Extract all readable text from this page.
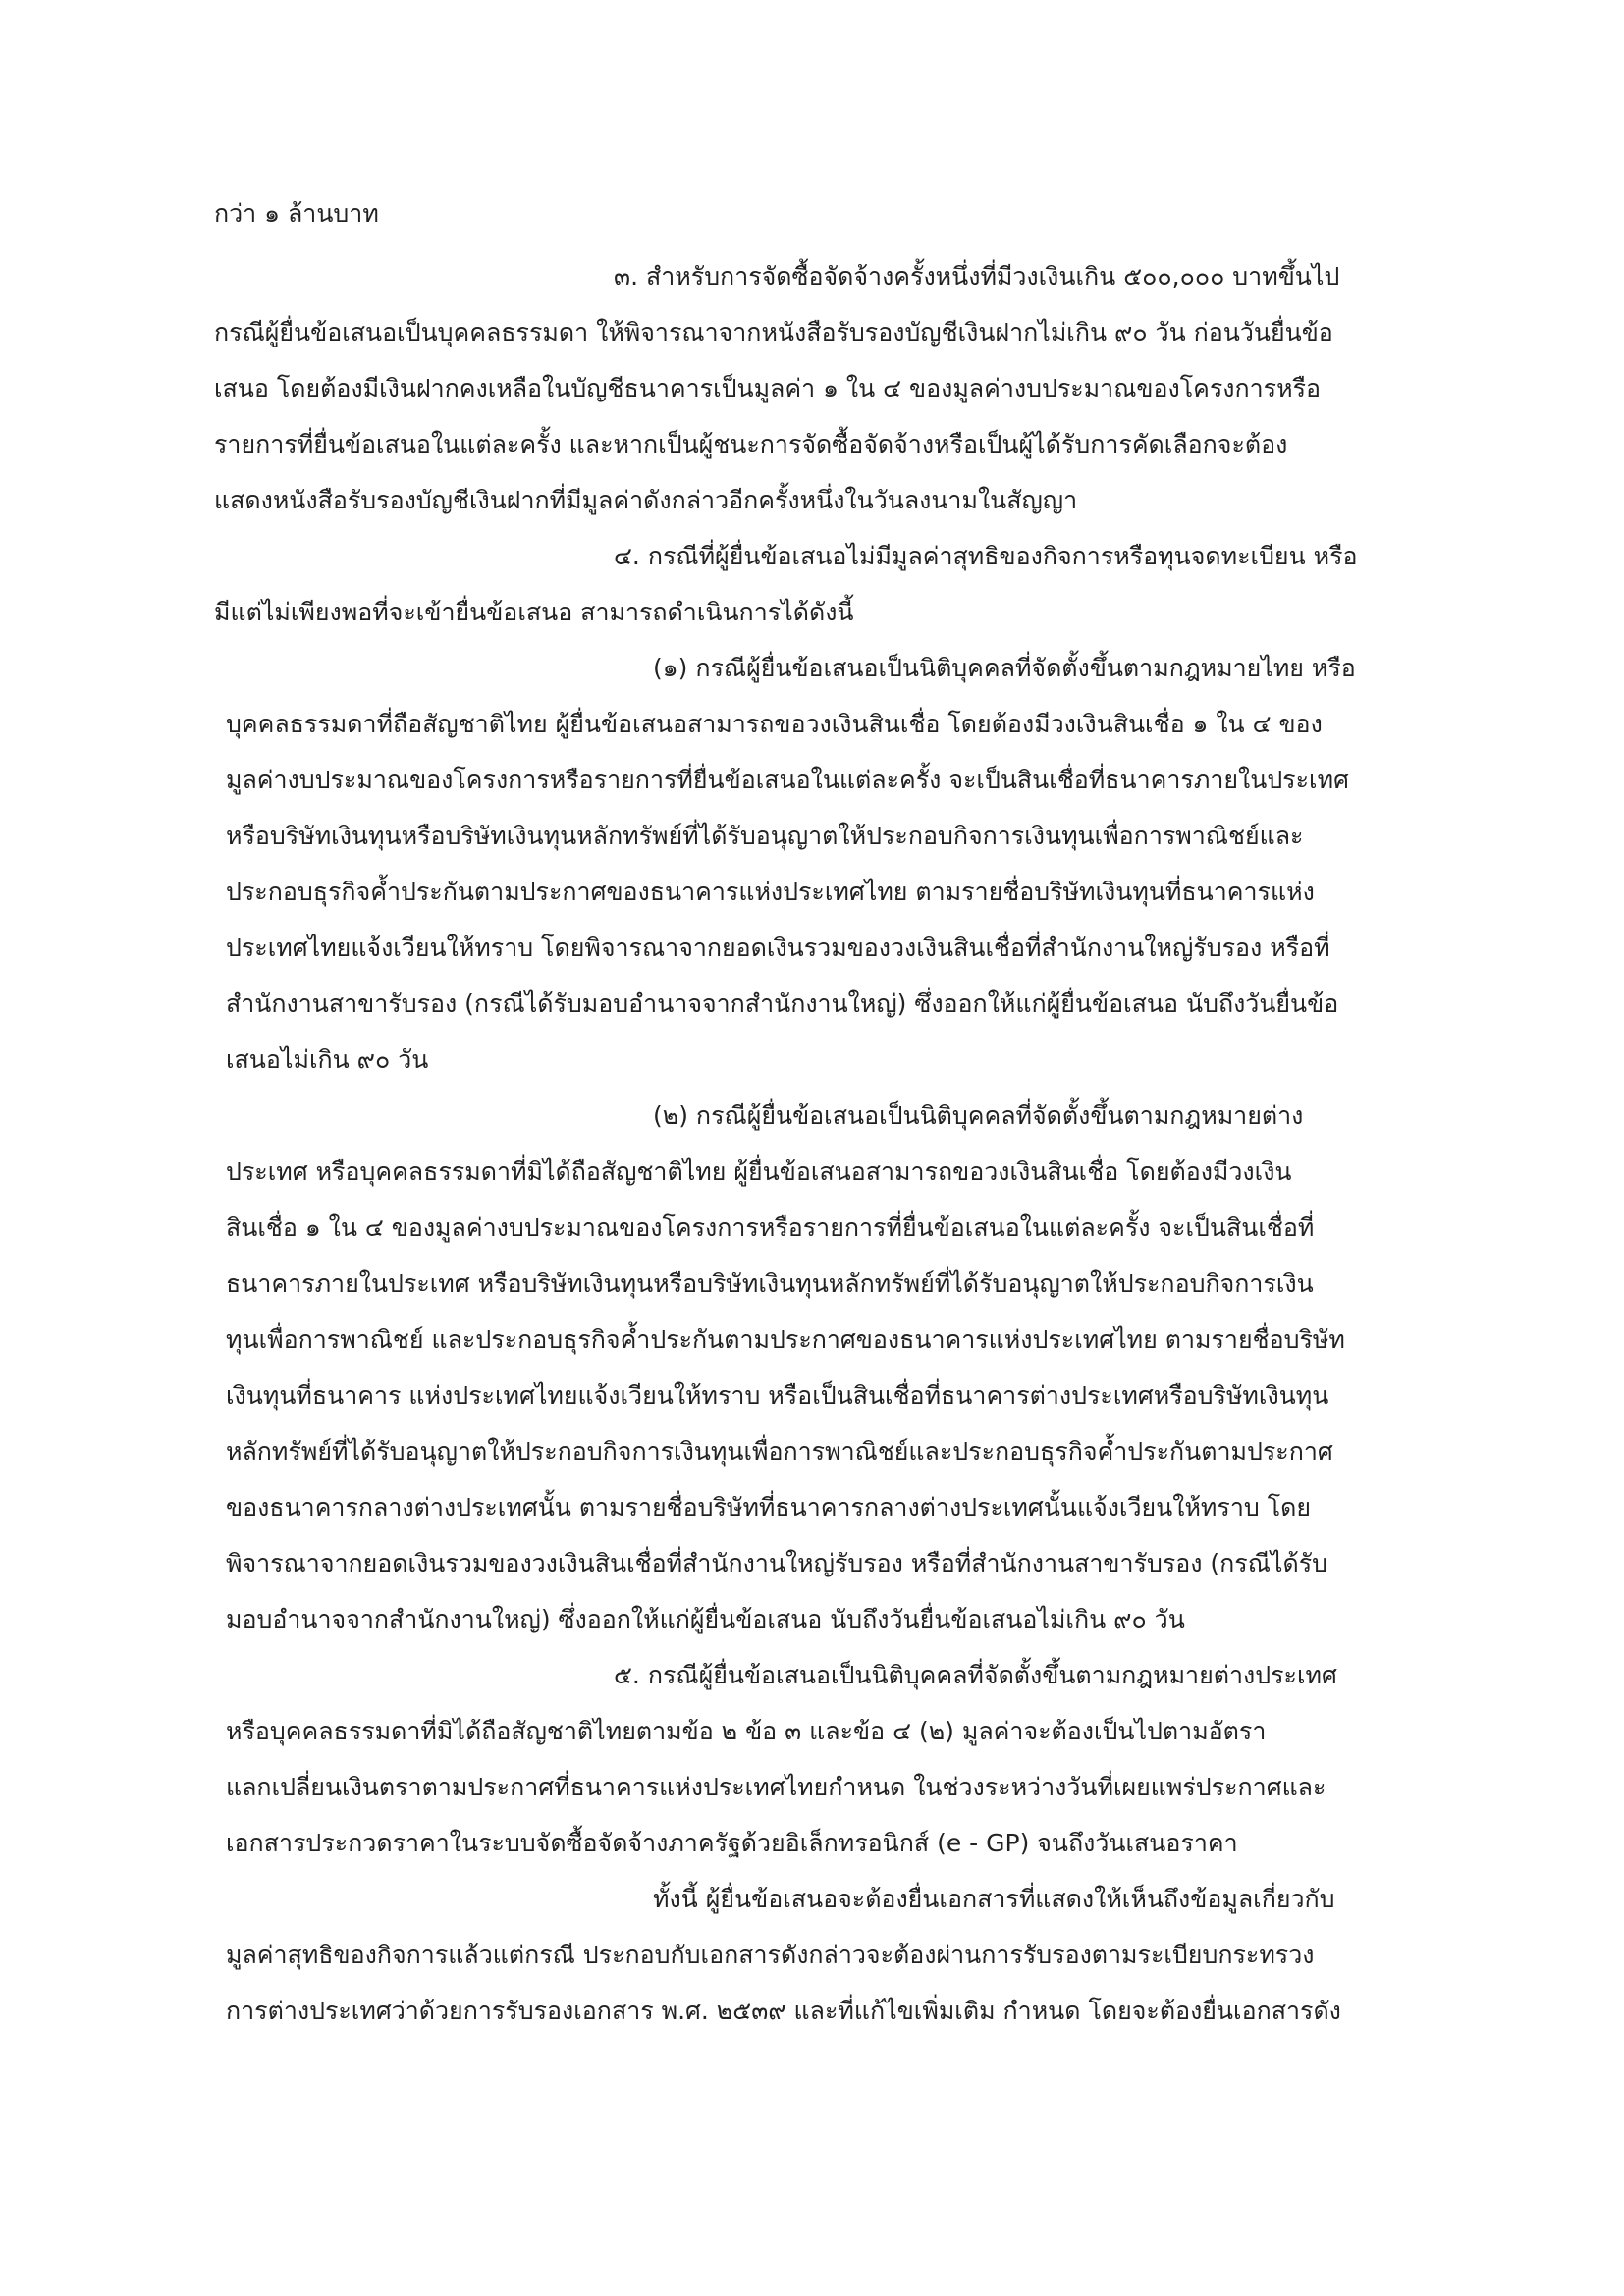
กว่า ๑ ล้านบาท
๓. สำหรับการจัดซื้อจัดจ้างครั้งหนึ่งที่มีวงเงินเกิน ๕๐๐,๐๐๐ บาทขึ้นไป
กรณีผู้ยื่นข้อเสนอเป็นบุคคลธรรมดา ให้พิจารณาจากหนังสือรับรองบัญชีเงินฝากไม่เกิน ๙๐ วัน ก่อนวันยื่นข้อ
เสนอ โดยต้องมีเงินฝากคงเหลือในบัญชีธนาคารเป็นมูลค่า ๑ ใน ๔ ของมูลค่างบประมาณของโครงการหรือ
รายการที่ยื่นข้อเสนอในแต่ละครั้ง และหากเป็นผู้ชนะการจัดซื้อจัดจ้างหรือเป็นผู้ได้รับการคัดเลือกจะต้อง
แสดงหนังสือรับรองบัญชีเงินฝากที่มีมูลค่าดังกล่าวอีกครั้งหนึ่งในวันลงนามในสัญญา
๔. กรณีที่ผู้ยื่นข้อเสนอไม่มีมูลค่าสุทธิของกิจการหรือทุนจดทะเบียน หรือ
มีแต่ไม่เพียงพอที่จะเข้ายื่นข้อเสนอ สามารถดำเนินการได้ดังนี้
(๑) กรณีผู้ยื่นข้อเสนอเป็นนิติบุคคลที่จัดตั้งขึ้นตามกฎหมายไทย หรือ
บุคคลธรรมดาที่ถือสัญชาติไทย ผู้ยื่นข้อเสนอสามารถขอวงเงินสินเชื่อ โดยต้องมีวงเงินสินเชื่อ ๑ ใน ๔ ของ
มูลค่างบประมาณของโครงการหรือรายการที่ยื่นข้อเสนอในแต่ละครั้ง จะเป็นสินเชื่อที่ธนาคารภายในประเทศ
หรือบริษัทเงินทุนหรือบริษัทเงินทุนหลักทรัพย์ที่ได้รับอนุญาตให้ประกอบกิจการเงินทุนเพื่อการพาณิชย์และ
ประกอบธุรกิจค้ำประกันตามประกาศของธนาคารแห่งประเทศไทย ตามรายชื่อบริษัทเงินทุนที่ธนาคารแห่ง
ประเทศไทยแจ้งเวียนให้ทราบ โดยพิจารณาจากยอดเงินรวมของวงเงินสินเชื่อที่สำนักงานใหญ่รับรอง หรือที่
สำนักงานสาขารับรอง (กรณีได้รับมอบอำนาจจากสำนักงานใหญ่) ซึ่งออกให้แก่ผู้ยื่นข้อเสนอ นับถึงวันยื่นข้อ
เสนอไม่เกิน ๙๐ วัน
(๒) กรณีผู้ยื่นข้อเสนอเป็นนิติบุคคลที่จัดตั้งขึ้นตามกฎหมายต่าง
ประเทศ หรือบุคคลธรรมดาที่มิได้ถือสัญชาติไทย ผู้ยื่นข้อเสนอสามารถขอวงเงินสินเชื่อ โดยต้องมีวงเงิน
สินเชื่อ ๑ ใน ๔ ของมูลค่างบประมาณของโครงการหรือรายการที่ยื่นข้อเสนอในแต่ละครั้ง จะเป็นสินเชื่อที่
ธนาคารภายในประเทศ หรือบริษัทเงินทุนหรือบริษัทเงินทุนหลักทรัพย์ที่ได้รับอนุญาตให้ประกอบกิจการเงิน
ทุนเพื่อการพาณิชย์ และประกอบธุรกิจค้ำประกันตามประกาศของธนาคารแห่งประเทศไทย ตามรายชื่อบริษัท
เงินทุนที่ธนาคาร แห่งประเทศไทยแจ้งเวียนให้ทราบ หรือเป็นสินเชื่อที่ธนาคารต่างประเทศหรือบริษัทเงินทุน
หลักทรัพย์ที่ได้รับอนุญาตให้ประกอบกิจการเงินทุนเพื่อการพาณิชย์และประกอบธุรกิจค้ำประกันตามประกาศ
ของธนาคารกลางต่างประเทศนั้น ตามรายชื่อบริษัทที่ธนาคารกลางต่างประเทศนั้นแจ้งเวียนให้ทราบ โดย
พิจารณาจากยอดเงินรวมของวงเงินสินเชื่อที่สำนักงานใหญ่รับรอง หรือที่สำนักงานสาขารับรอง (กรณีได้รับ
มอบอำนาจจากสำนักงานใหญ่) ซึ่งออกให้แก่ผู้ยื่นข้อเสนอ นับถึงวันยื่นข้อเสนอไม่เกิน ๙๐ วัน
๕. กรณีผู้ยื่นข้อเสนอเป็นนิติบุคคลที่จัดตั้งขึ้นตามกฎหมายต่างประเทศ
หรือบุคคลธรรมดาที่มิได้ถือสัญชาติไทยตามข้อ ๒ ข้อ ๓ และข้อ ๔ (๒) มูลค่าจะต้องเป็นไปตามอัตรา
แลกเปลี่ยนเงินตราตามประกาศที่ธนาคารแห่งประเทศไทยกำหนด ในช่วงระหว่างวันที่เผยแพร่ประกาศและ
เอกสารประกวดราคาในระบบจัดซื้อจัดจ้างภาครัฐด้วยอิเล็กทรอนิกส์ (e - GP) จนถึงวันเสนอราคา
ทั้งนี้ ผู้ยื่นข้อเสนอจะต้องยื่นเอกสารที่แสดงให้เห็นถึงข้อมูลเกี่ยวกับ
มูลค่าสุทธิของกิจการแล้วแต่กรณี ประกอบกับเอกสารดังกล่าวจะต้องผ่านการรับรองตามระเบียบกระทรวง
การต่างประเทศว่าด้วยการรับรองเอกสาร พ.ศ. ๒๕๓๙ และที่แก้ไขเพิ่มเติม กำหนด โดยจะต้องยื่นเอกสารดัง
